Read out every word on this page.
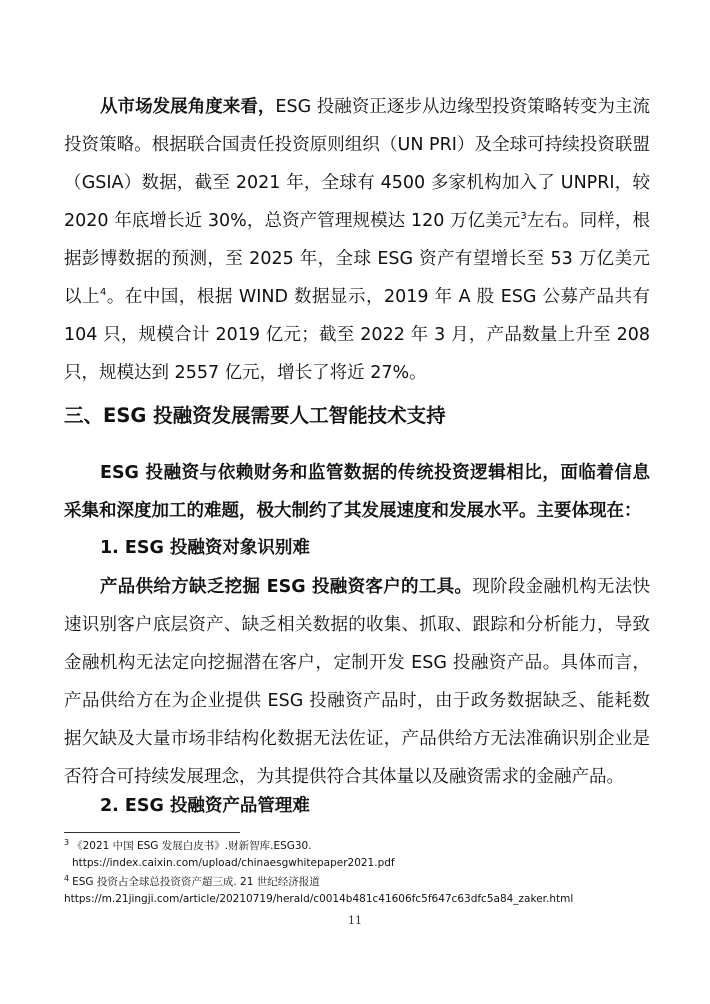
从市场发展角度来看，ESG 投融资正逐步从边缘型投资策略转变为主流投资策略。根据联合国责任投资原则组织（UN PRI）及全球可持续投资联盟（GSIA）数据，截至 2021 年，全球有 4500 多家机构加入了 UNPRI，较 2020 年底增长近 30%，总资产管理规模达 120 万亿美元$^3$左右。同样，根据彭博数据的预测，至 2025 年，全球 ESG 资产有望增长至 53 万亿美元以上$^4$。在中国，根据 WIND 数据显示，2019 年 A 股 ESG 公募产品共有 104 只，规模合计 2019 亿元；截至 2022 年 3 月，产品数量上升至 208 只，规模达到 2557 亿元，增长了将近 27%。

三、ESG 投融资发展需要人工智能技术支持

ESG 投融资与依赖财务和监管数据的传统投资逻辑相比，面临着信息采集和深度加工的难题，极大制约了其发展速度和发展水平。主要体现在：

1. ESG 投融资对象识别难

产品供给方缺乏挖掘 ESG 投融资客户的工具。现阶段金融机构无法快速识别客户底层资产、缺乏相关数据的收集、抓取、跟踪和分析能力，导致金融机构无法定向挖掘潜在客户，定制开发 ESG 投融资产品。具体而言，产品供给方在为企业提供 ESG 投融资产品时，由于政务数据缺乏、能耗数据欠缺及大量市场非结构化数据无法佐证，产品供给方无法准确识别企业是否符合可持续发展理念，为其提供符合其体量以及融资需求的金融产品。

2. ESG 投融资产品管理难
$^3$ 《2021 中国 ESG 发展白皮书》.财新智库.ESG30.
https://index.caixin.com/upload/chinaesgwhitepaper2021.pdf
$^4$ ESG 投资占全球总投资资产超三成. 21 世纪经济报道
https://m.21jingji.com/article/20210719/herald/c0014b481c41606fc5f647c63dfc5a84_zaker.html
11
